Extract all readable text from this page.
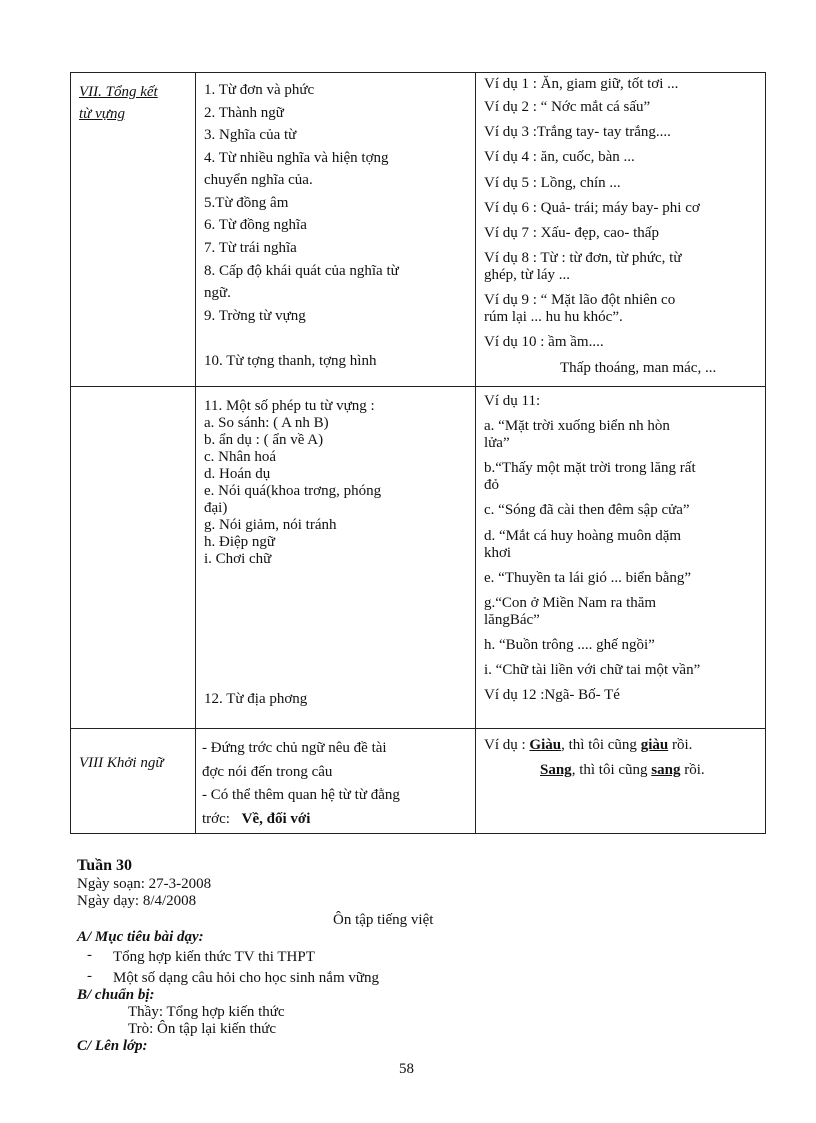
VII. Tổng kết
từ vựng
1. Từ đơn và phức
2. Thành ngữ
3. Nghĩa của từ
4. Từ nhiều nghĩa và hiện tợng
chuyển nghĩa của.
5.Từ đồng âm
6. Từ đồng nghĩa
7. Từ trái nghĩa
8. Cấp độ khái quát của nghĩa từ
ngữ.
9. Trờng từ vựng
10. Từ tợng thanh, tợng hình
Ví dụ 1 : Ăn, giam giữ, tốt tơi ...
Ví dụ 2 : “ Nớc mắt cá sấu”
Ví dụ 3 :Trắng tay- tay trắng....
Ví dụ 4 : ăn, cuốc, bàn ...
Ví dụ 5 : Lồng, chín ...
Ví dụ 6 : Quả- trái; máy bay- phi cơ
Ví dụ 7 : Xấu- đẹp, cao- thấp
Ví dụ 8 : Từ : từ đơn, từ phức, từ
ghép, từ láy ...
Ví dụ 9 : “ Mặt lão đột nhiên co
rúm lại ... hu hu khóc”.
Ví dụ 10 : ầm ầm....
Thấp thoáng, man mác, ...
11. Một số phép tu từ vựng :
a. So sánh: ( A nh B)
b. ẩn dụ : ( ẩn về A)
c. Nhân hoá
d. Hoán dụ
e. Nói quá(khoa trơng, phóng
đại)
g. Nói giảm, nói tránh
h. Điệp ngữ
i. Chơi chữ
12. Từ địa phơng
Ví dụ 11:
a. “Mặt trời xuống biển nh hòn
lửa”
b.“Thấy một mặt trời trong lăng rất
đỏ
c. “Sóng đã cài then đêm sập cửa”
d. “Mắt cá huy hoàng muôn dặm
khơi
e. “Thuyền ta lái gió ... biển bằng”
g.“Con ở Miền Nam ra thăm
lăngBác”
h. “Buồn trông .... ghế ngồi”
i. “Chữ tài liền với chữ tai một vần”
Ví dụ 12 :Ngã- Bố- Té
VIII Khởi ngữ
- Đứng trớc chủ ngữ nêu đề tài
đợc nói đến trong câu
- Có thể thêm quan hệ từ từ đằng
trớc: Về, đối với
Ví dụ : Giàu, thì tôi cũng giàu rồi.
Sang, thì tôi cũng sang rồi.
Tuần 30
Ngày soạn: 27-3-2008
Ngày dạy: 8/4/2008
Ôn tập tiếng việt
A/ Mục tiêu bài dạy:
- Tổng hợp kiến thức TV thi THPT
- Một số dạng câu hỏi cho học sinh nắm vững
B/ chuẩn bị:
Thầy: Tổng hợp kiến thức
Trò: Ôn tập lại kiến thức
C/ Lên lớp:
58
